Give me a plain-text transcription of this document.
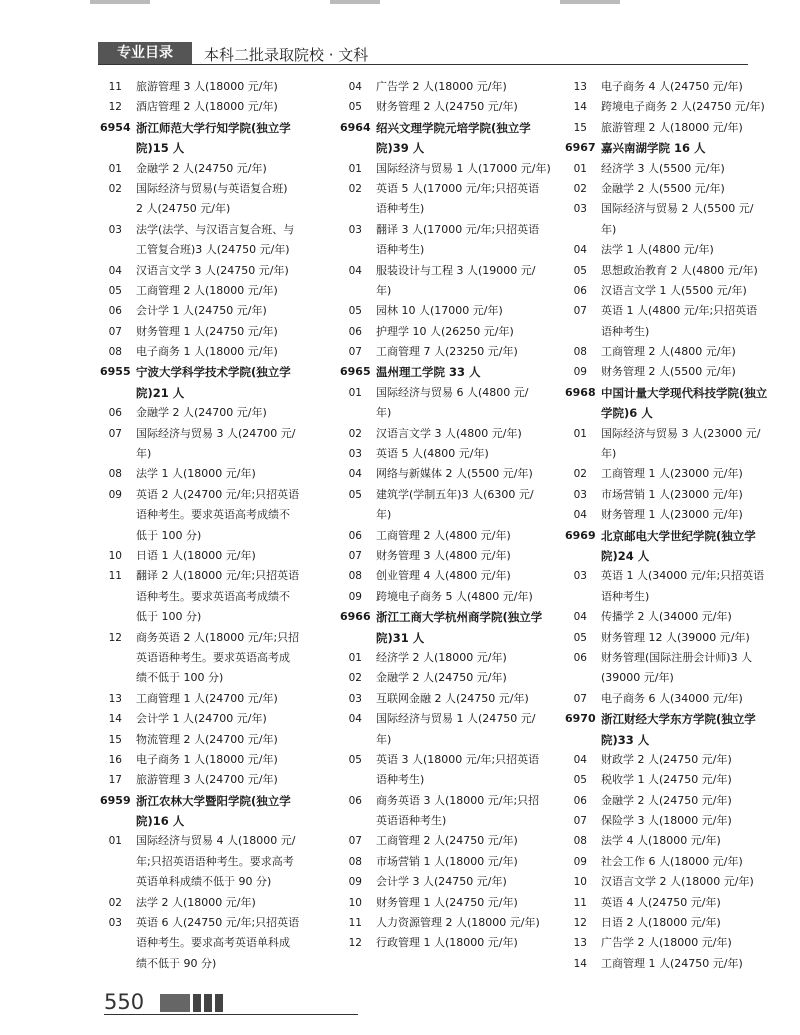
专业目录	本科二批录取院校 · 文科
11 旅游管理 3 人(18000 元/年)
12 酒店管理 2 人(18000 元/年)
6954 浙江师范大学行知学院(独立学
院)15 人
01 金融学 2 人(24750 元/年)
02 国际经济与贸易(与英语复合班)
2 人(24750 元/年)
03 法学(法学、与汉语言复合班、与
工管复合班)3 人(24750 元/年)
04 汉语言文学 3 人(24750 元/年)
05 工商管理 2 人(18000 元/年)
06 会计学 1 人(24750 元/年)
07 财务管理 1 人(24750 元/年)
08 电子商务 1 人(18000 元/年)
6955 宁波大学科学技术学院(独立学
院)21 人
06 金融学 2 人(24700 元/年)
07 国际经济与贸易 3 人(24700 元/
年)
08 法学 1 人(18000 元/年)
09 英语 2 人(24700 元/年;只招英语
语种考生。要求英语高考成绩不
低于 100 分)
10 日语 1 人(18000 元/年)
11 翻译 2 人(18000 元/年;只招英语
语种考生。要求英语高考成绩不
低于 100 分)
12 商务英语 2 人(18000 元/年;只招
英语语种考生。要求英语高考成
绩不低于 100 分)
13 工商管理 1 人(24700 元/年)
14 会计学 1 人(24700 元/年)
15 物流管理 2 人(24700 元/年)
16 电子商务 1 人(18000 元/年)
17 旅游管理 3 人(24700 元/年)
6959 浙江农林大学暨阳学院(独立学
院)16 人
01 国际经济与贸易 4 人(18000 元/
年;只招英语语种考生。要求高考
英语单科成绩不低于 90 分)
02 法学 2 人(18000 元/年)
03 英语 6 人(24750 元/年;只招英语
语种考生。要求高考英语单科成
绩不低于 90 分)
04 广告学 2 人(18000 元/年)
05 财务管理 2 人(24750 元/年)
6964 绍兴文理学院元培学院(独立学
院)39 人
01 国际经济与贸易 1 人(17000 元/年)
02 英语 5 人(17000 元/年;只招英语
语种考生)
03 翻译 3 人(17000 元/年;只招英语
语种考生)
04 服装设计与工程 3 人(19000 元/
年)
05 园林 10 人(17000 元/年)
06 护理学 10 人(26250 元/年)
07 工商管理 7 人(23250 元/年)
6965 温州理工学院 33 人
01 国际经济与贸易 6 人(4800 元/
年)
02 汉语言文学 3 人(4800 元/年)
03 英语 5 人(4800 元/年)
04 网络与新媒体 2 人(5500 元/年)
05 建筑学(学制五年)3 人(6300 元/
年)
06 工商管理 2 人(4800 元/年)
07 财务管理 3 人(4800 元/年)
08 创业管理 4 人(4800 元/年)
09 跨境电子商务 5 人(4800 元/年)
6966 浙江工商大学杭州商学院(独立学
院)31 人
01 经济学 2 人(18000 元/年)
02 金融学 2 人(24750 元/年)
03 互联网金融 2 人(24750 元/年)
04 国际经济与贸易 1 人(24750 元/
年)
05 英语 3 人(18000 元/年;只招英语
语种考生)
06 商务英语 3 人(18000 元/年;只招
英语语种考生)
07 工商管理 2 人(24750 元/年)
08 市场营销 1 人(18000 元/年)
09 会计学 3 人(24750 元/年)
10 财务管理 1 人(24750 元/年)
11 人力资源管理 2 人(18000 元/年)
12 行政管理 1 人(18000 元/年)
13 电子商务 4 人(24750 元/年)
14 跨境电子商务 2 人(24750 元/年)
15 旅游管理 2 人(18000 元/年)
6967 嘉兴南湖学院 16 人
01 经济学 3 人(5500 元/年)
02 金融学 2 人(5500 元/年)
03 国际经济与贸易 2 人(5500 元/
年)
04 法学 1 人(4800 元/年)
05 思想政治教育 2 人(4800 元/年)
06 汉语言文学 1 人(5500 元/年)
07 英语 1 人(4800 元/年;只招英语
语种考生)
08 工商管理 2 人(4800 元/年)
09 财务管理 2 人(5500 元/年)
6968 中国计量大学现代科技学院(独立
学院)6 人
01 国际经济与贸易 3 人(23000 元/
年)
02 工商管理 1 人(23000 元/年)
03 市场营销 1 人(23000 元/年)
04 财务管理 1 人(23000 元/年)
6969 北京邮电大学世纪学院(独立学
院)24 人
03 英语 1 人(34000 元/年;只招英语
语种考生)
04 传播学 2 人(34000 元/年)
05 财务管理 12 人(39000 元/年)
06 财务管理(国际注册会计师)3 人
(39000 元/年)
07 电子商务 6 人(34000 元/年)
6970 浙江财经大学东方学院(独立学
院)33 人
04 财政学 2 人(24750 元/年)
05 税收学 1 人(24750 元/年)
06 金融学 2 人(24750 元/年)
07 保险学 3 人(18000 元/年)
08 法学 4 人(18000 元/年)
09 社会工作 6 人(18000 元/年)
10 汉语言文学 2 人(18000 元/年)
11 英语 4 人(24750 元/年)
12 日语 2 人(18000 元/年)
13 广告学 2 人(18000 元/年)
14 工商管理 1 人(24750 元/年)
550
